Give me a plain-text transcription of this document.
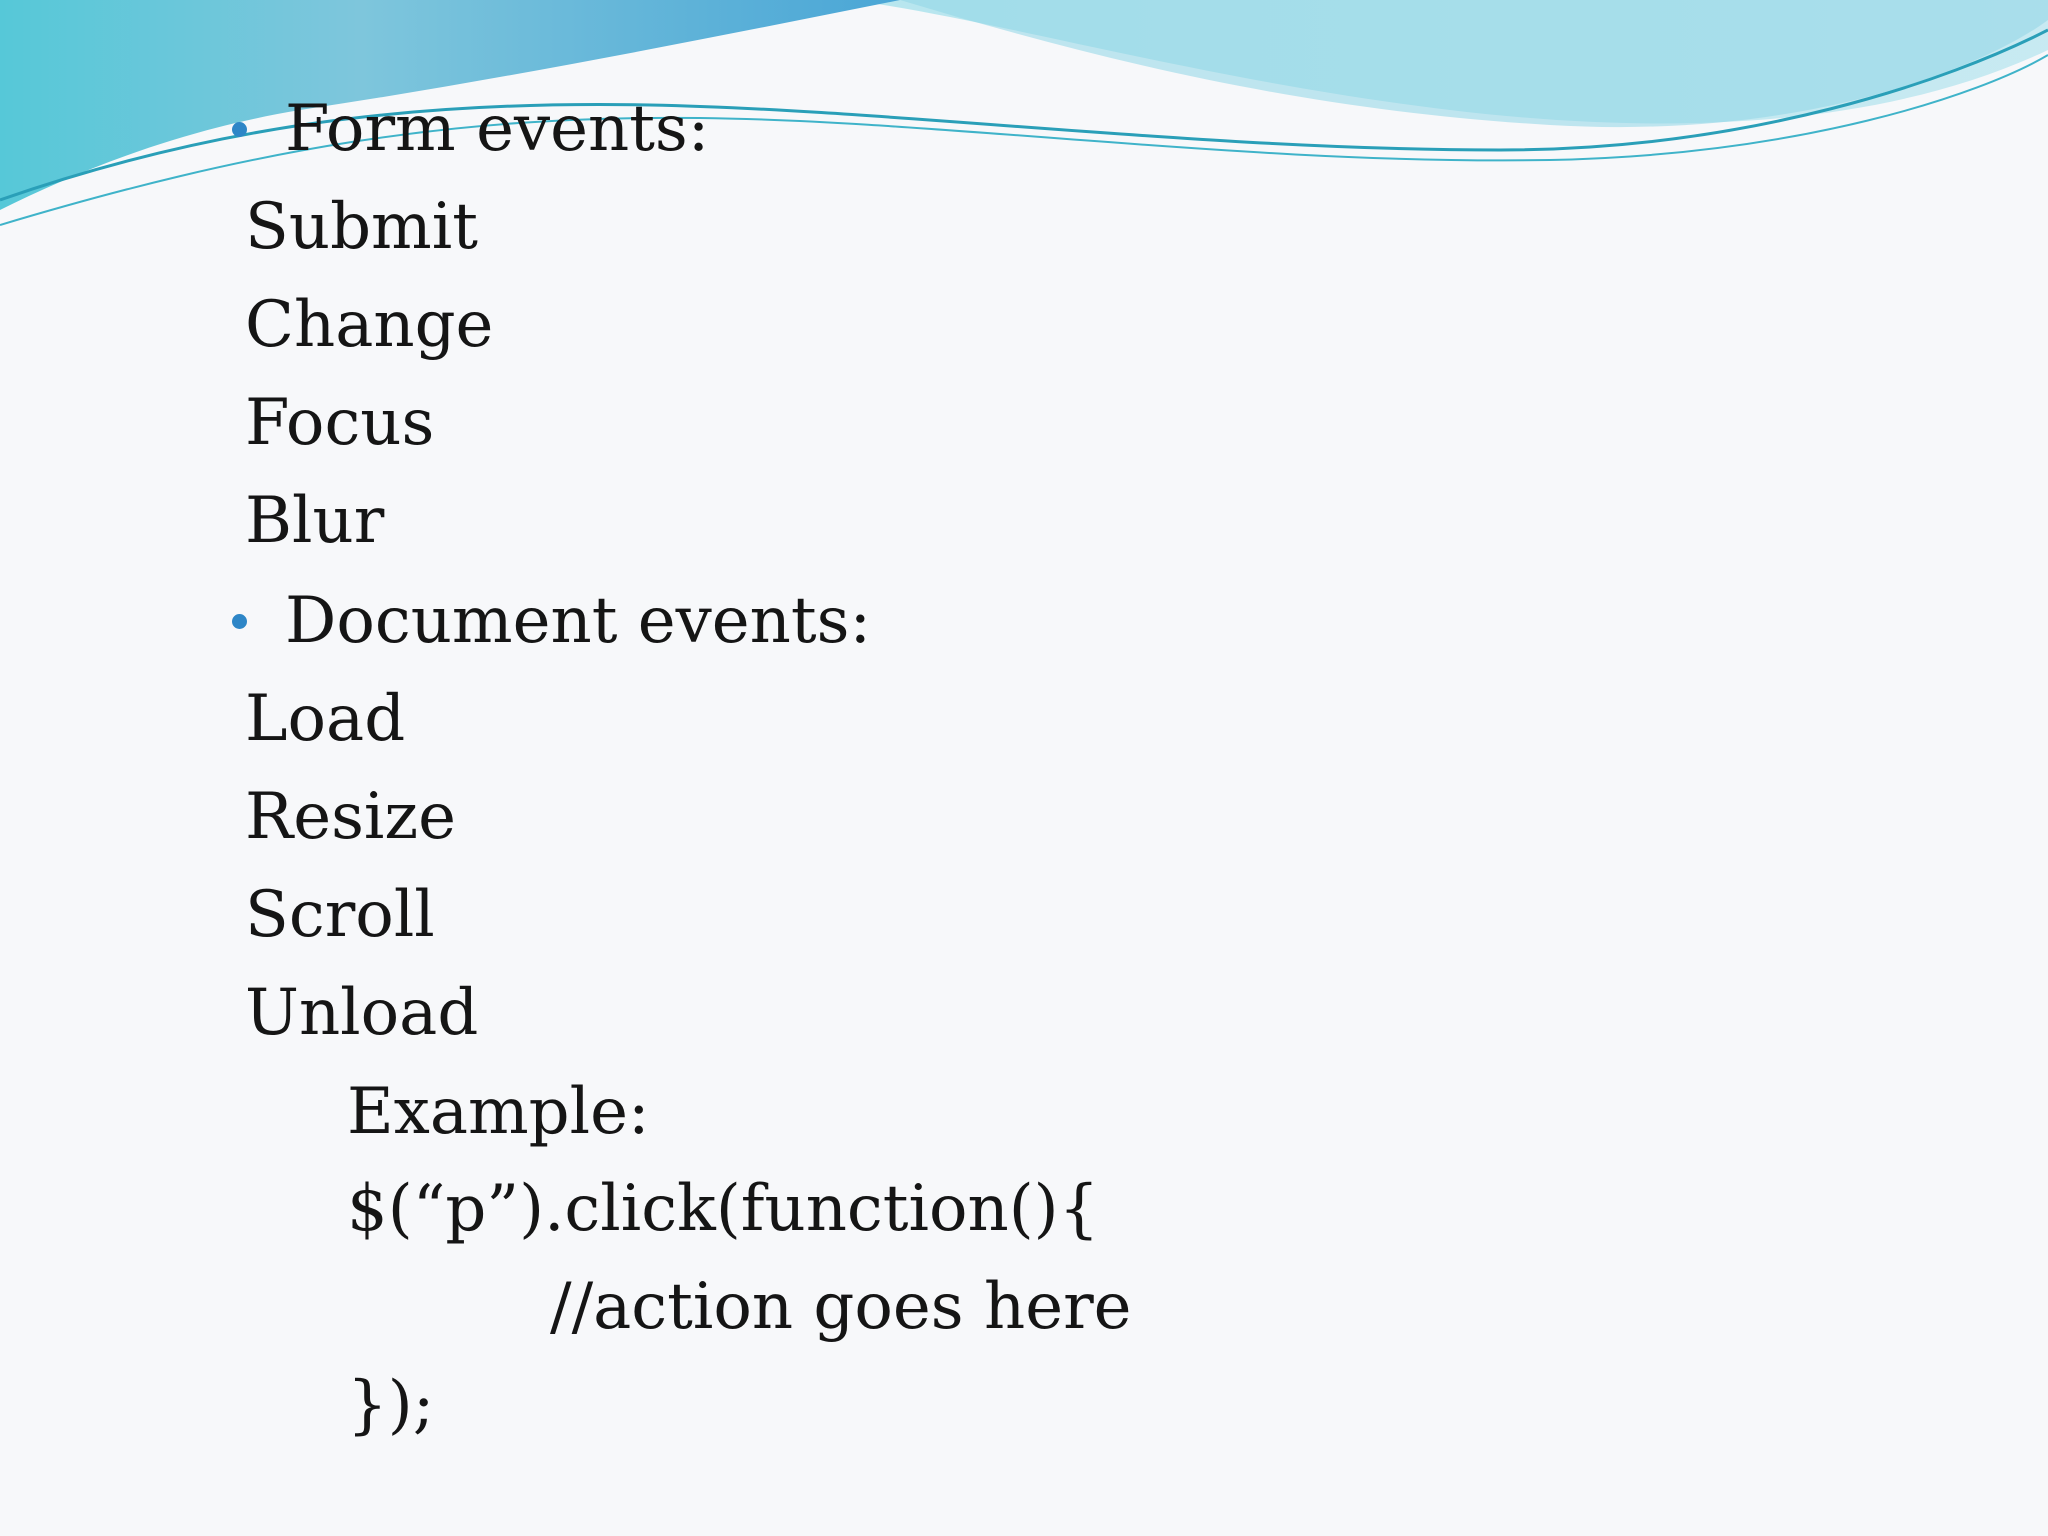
Form events:
Submit
Change
Focus
Blur
Document events:
Load
Resize
Scroll
Unload
Example:
$(“p”).click(function(){
//action goes here
});
